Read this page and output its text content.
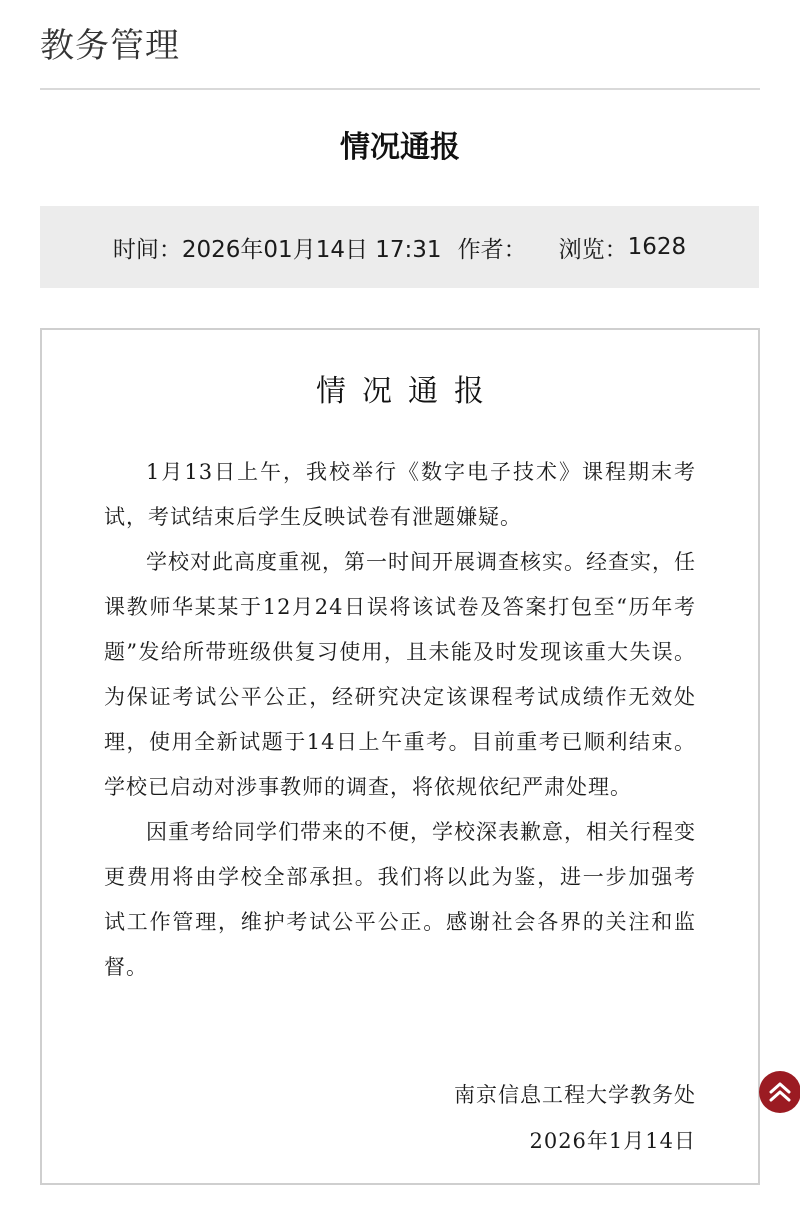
教务管理
情况通报
时间： 2026年01月14日 17:31 作者： 浏览： 1628
情况通报

1月13日上午，我校举行《数字电子技术》课程期末考试，考试结束后学生反映试卷有泄题嫌疑。

学校对此高度重视，第一时间开展调查核实。经查实，任课教师华某某于12月24日误将该试卷及答案打包至“历年考题”发给所带班级供复习使用，且未能及时发现该重大失误。为保证考试公平公正，经研究决定该课程考试成绩作无效处理，使用全新试题于14日上午重考。目前重考已顺利结束。学校已启动对涉事教师的调查，将依规依纪严肃处理。

因重考给同学们带来的不便，学校深表歉意，相关行程变更费用将由学校全部承担。我们将以此为鉴，进一步加强考试工作管理，维护考试公平公正。感谢社会各界的关注和监督。

南京信息工程大学教务处
2026年1月14日
